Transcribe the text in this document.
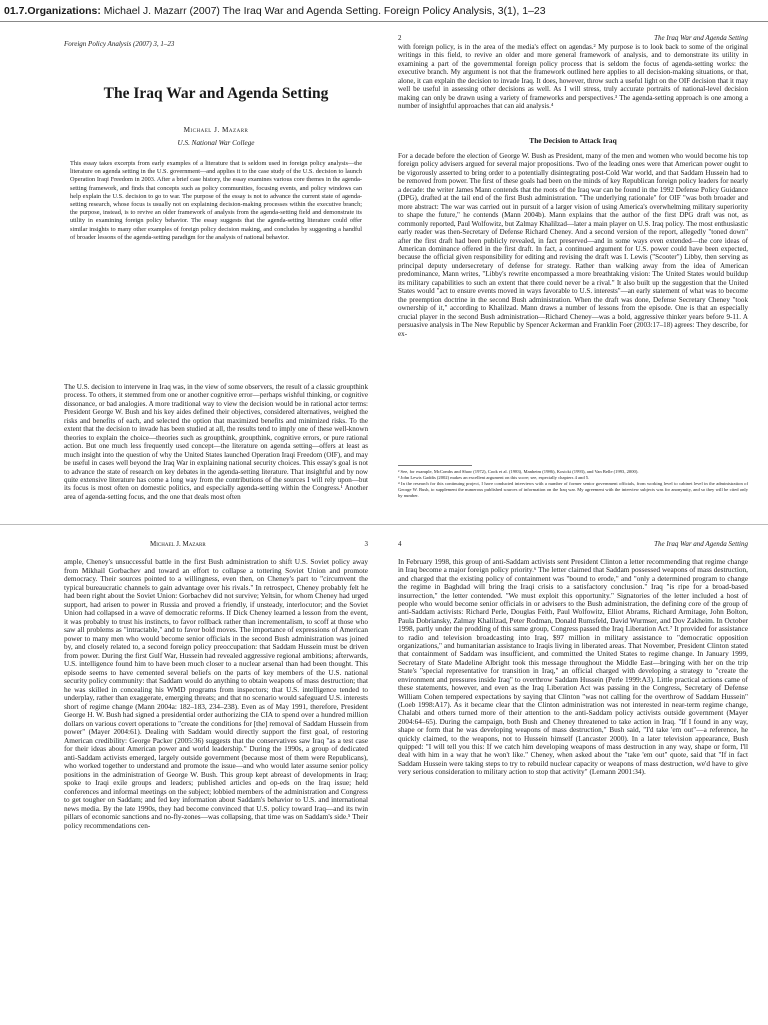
01.7.Organizations: Michael J. Mazarr (2007) The Iraq War and Agenda Setting. Foreign Policy Analysis, 3(1), 1–23
Foreign Policy Analysis (2007) 3, 1–23
The Iraq War and Agenda Setting
Michael J. Mazarr
U.S. National War College
This essay takes excerpts from early examples of a literature that is seldom used in foreign policy analysis—the literature on agenda setting in the U.S. government—and applies it to the case study of the U.S. decision to launch Operation Iraqi Freedom in 2003. After a brief case history, the essay examines various core themes in the agenda-setting framework, and finds that concepts such as policy communities, focusing events, and policy windows can help explain the U.S. decision to go to war. The purpose of the essay is not to advance the current state of agenda-setting research, whose focus is usually not on explaining decision-making processes within the executive branch; the purpose, instead, is to revive an older framework of analysis from the agenda-setting field and demonstrate its utility in examining foreign policy behavior. The essay suggests that the agenda-setting literature could offer similar insights to many other examples of foreign policy decision making, and concludes by suggesting a handful of broader lessons of the agenda-setting paradigm for the analysis of national behavior.
The U.S. decision to intervene in Iraq was, in the view of some observers, the result of a classic groupthink process. To others, it stemmed from one or another cognitive error—perhaps wishful thinking, or cognitive dissonance, or bad analogies. A more traditional way to view the decision would be in rational actor terms: President George W. Bush and his key aides defined their objectives, considered alternatives, weighed the risks and benefits of each, and selected the option that maximized benefits and minimized risks. To the extent that the decision to invade has been studied at all, the results tend to imply one of these well-known theories to explain the choice—theories such as groupthink, groupthink, cognitive errors, or pure rational action. But one much less frequently used concept—the literature on agenda setting—offers at least as much insight into the question of why the United States launched Operation Iraqi Freedom (OIF), and may be useful in cases well beyond the Iraq War in explaining national security choices. This essay's goal is not to advance the state of research on key debates in the agenda-setting literature. That insightful and by now quite extensive literature has come a long way from the contributions of the sources I will rely upon—but its focus is most often on domestic politics, and especially agenda-setting within the Congress.¹ Another area of agenda-setting focus, and the one that deals most often
2	The Iraq War and Agenda Setting
with foreign policy, is in the area of the media's effect on agendas.² My purpose is to look back to some of the original writings in this field, to revive an older and more general framework of analysis, and to demonstrate its utility in examining a part of the governmental foreign policy process that is seldom the focus of agenda-setting works: the executive branch. My argument is not that the framework outlined here applies to all decision-making situations, or that, alone, it can explain the decision to invade Iraq. It does, however, throw such a useful light on the OIF decision that it may well be useful in assessing other decisions as well. As I will stress, truly accurate portraits of national-level decision making can only be drawn using a variety of frameworks and perspectives.³ The agenda-setting approach is one among a number of insightful approaches that can aid analysis.⁴
The Decision to Attack Iraq
For a decade before the election of George W. Bush as President, many of the men and women who would become his top foreign policy advisers argued for several major propositions. Two of the leading ones were that American power ought to be vigorously asserted to bring order to a potentially disintegrating post-Cold War world, and that Saddam Hussein had to be removed from power. The first of these goals had been on the minds of key Republican foreign policy leaders for nearly a decade: the writer James Mann contends that the roots of the Iraq war can be found in the 1992 Defense Policy Guidance (DPG), drafted at the tail end of the first Bush administration. "The underlying rationale" for OIF "was both broader and more abstract: The war was carried out in pursuit of a larger vision of using America's overwhelming military superiority to shape the future," he contends (Mann 2004b). Mann explains that the author of the first DPG draft was not, as commonly reported, Paul Wolfowitz, but Zalmay Khalilzad—later a main player on U.S. Iraq policy. The most enthusiastic early reader was then-Secretary of Defense Richard Cheney. And a second version of the report, allegedly "toned down" after the first draft had been publicly revealed, in fact preserved—and in some ways even extended—the core ideas of American dominance offered in the first draft. In fact, a continued argument for U.S. power could have been expected, because the official given responsibility for editing and revising the draft was I. Lewis ("Scooter") Libby, then serving as principal deputy undersecretary of defense for strategy. Rather than walking away from the idea of American predominance, Mann writes, "Libby's rewrite encompassed a more breathtaking vision: The United States would buildup its military capabilities to such an extent that there could never be a rival." It also built up the suggestion that the United States would "act to ensure events moved in ways favorable to U.S. interests"—an early statement of what was to become the preemption doctrine in the second Bush administration. When the draft was done, Defense Secretary Cheney "took ownership of it," according to Khalilzad. Mann draws a number of lessons from the episode. One is that an especially crucial player in the second Bush administration—Richard Cheney—was a bold, aggressive thinker years before 9-11. A persuasive analysis in The New Republic by Spencer Ackerman and Franklin Foer (2003:17–18) agrees: They describe, for ex-
² See, for example, McCombs and Shaw (1972), Cook et al. (1983), Manheim (1986), Kosicki (1993), and Van Belle (1993, 2000).
³ John Lewis Gaddis (2002) makes an excellent argument on this score; see, especially chapters 4 and 5.
⁴ In the research for this continuing project, I have conducted interviews with a number of former senior government officials, from working level to cabinet level in the administration of George W. Bush, to supplement the numerous published sources of information on the Iraq war. My agreement with the interview subjects was for anonymity, and so they will be cited only by number.
Michael J. Mazarr	3
ample, Cheney's unsuccessful battle in the first Bush administration to shift U.S. Soviet policy away from Mikhail Gorbachev and toward an effort to collapse a tottering Soviet Union and promote democracy. Their sources pointed to a willingness, even then, on Cheney's part to "circumvent the typical bureaucratic channels to gain advantage over his rivals." In retrospect, Cheney probably felt he had been right about the Soviet Union: Gorbachev did not survive; Yeltsin, for whom Cheney had urged support, had arisen to power in Russia and proved a friendly, if unsteady, interlocutor; and the Soviet Union had collapsed in a wave of democratic reforms. If Dick Cheney learned a lesson from the event, it was probably to trust his instincts, to favor rollback rather than incrementalism, to scoff at those who saw all problems as "intractable," and to favor bold moves. The importance of expressions of American power to many men who would become senior officials in the second Bush administration was joined by, and closely related to, a second foreign policy preoccupation: that Saddam Hussein must be driven from power. During the first Gulf War, Hussein had revealed aggressive regional ambitions; afterwards, U.S. intelligence found him to have been much closer to a nuclear arsenal than had been thought. This episode seems to have cemented several beliefs on the parts of key members of the U.S. national security policy community: that Saddam would do anything to obtain weapons of mass destruction; that he was skilled in concealing his WMD programs from inspectors; that U.S. intelligence tended to underplay, rather than exaggerate, emerging threats; and that no scenario would safeguard U.S. interests short of regime change (Mann 2004a: 182–183, 234–238). Even as of May 1991, therefore, President George H. W. Bush had signed a presidential order authorizing the CIA to spend over a hundred million dollars on various covert operations to "create the conditions for [the] removal of Saddam Hussein from power" (Mayer 2004:61). Dealing with Saddam would directly support the first goal, of restoring American credibility: George Packer (2005:36) suggests that the conservatives saw Iraq "as a test case for their ideas about American power and world leadership." During the 1990s, a group of dedicated anti-Saddam activists emerged, largely outside government (because most of them were Republicans), who worked together to understand and promote the issue—and who would later assume senior policy positions in the administration of George W. Bush. This group kept abreast of developments in Iraq; spoke to Iraqi exile groups and leaders; published articles and op-eds on the Iraq issue; held conferences and informal meetings on the subject; lobbied members of the administration and Congress to get tougher on Saddam; and fed key information about Saddam's behavior to U.S. and international news media. By the late 1990s, they had become convinced that U.S. policy toward Iraq—and its twin pillars of economic sanctions and no-fly-zones—was collapsing, that time was on Saddam's side.⁵ Their policy recommendations cen-
4	The Iraq War and Agenda Setting
In February 1998, this group of anti-Saddam activists sent President Clinton a letter recommending that regime change in Iraq become a major foreign policy priority.⁶ The letter claimed that Saddam possessed weapons of mass destruction, and charged that the existing policy of containment was "bound to erode," and "only a determined program to change the regime in Baghdad will bring the Iraqi crisis to a satisfactory conclusion." Iraq "is ripe for a broad-based insurrection," the letter contended. "We must exploit this opportunity." Signatories of the letter included a host of people who would become senior officials in or advisers to the Bush administration, the defining core of the group of anti-Saddam activists: Richard Perle, Douglas Feith, Paul Wolfowitz, Elliot Abrams, Richard Armitage, John Bolton, Paula Dobriansky, Zalmay Khalilzad, Peter Rodman, Donald Rumsfeld, David Wurmser, and Dov Zakheim. In October 1998, partly under the prodding of this same group, Congress passed the Iraq Liberation Act.⁷ It provided for assistance to radio and television broadcasting into Iraq, $97 million in military assistance to "democratic opposition organizations," and humanitarian assistance to Iraqis living in liberated areas. That November, President Clinton stated that containment of Saddam was insufficient, and committed the United States to regime change. In January 1999, Secretary of State Madeline Albright took this message throughout the Middle East—bringing with her on the trip State's "special representative for transition in Iraq," an official charged with developing a strategy to "create the environment and pressures inside Iraq" to overthrow Saddam Hussein (Perle 1999:A3). Little practical actions came of these statements, however, and even as the Iraq Liberation Act was passing in the Congress, Secretary of Defense William Cohen tempered expectations by saying that Clinton "was not calling for the overthrow of Saddam Hussein" (Loeb 1998:A17). As it became clear that the Clinton administration was not interested in near-term regime change, Chalabi and others turned more of their attention to the anti-Saddam policy activists outside government (Mayer 2004:64–65). During the campaign, both Bush and Cheney threatened to take action in Iraq. "If I found in any way, shape or form that he was developing weapons of mass destruction," Bush said, "I'd take 'em out"—a reference, he quickly claimed, to the weapons, not to Hussein himself (Lancaster 2000). In a later television appearance, Bush quipped: "I will tell you this: If we catch him developing weapons of mass destruction in any way, shape or form, I'll deal with him in a way that he won't like." Cheney, when asked about the "take 'em out" quote, said that "If in fact Saddam Hussein were taking steps to try to rebuild nuclear capacity or weapons of mass destruction, we'd have to give very serious consideration to military action to stop that activity" (Lemann 2001:34).
